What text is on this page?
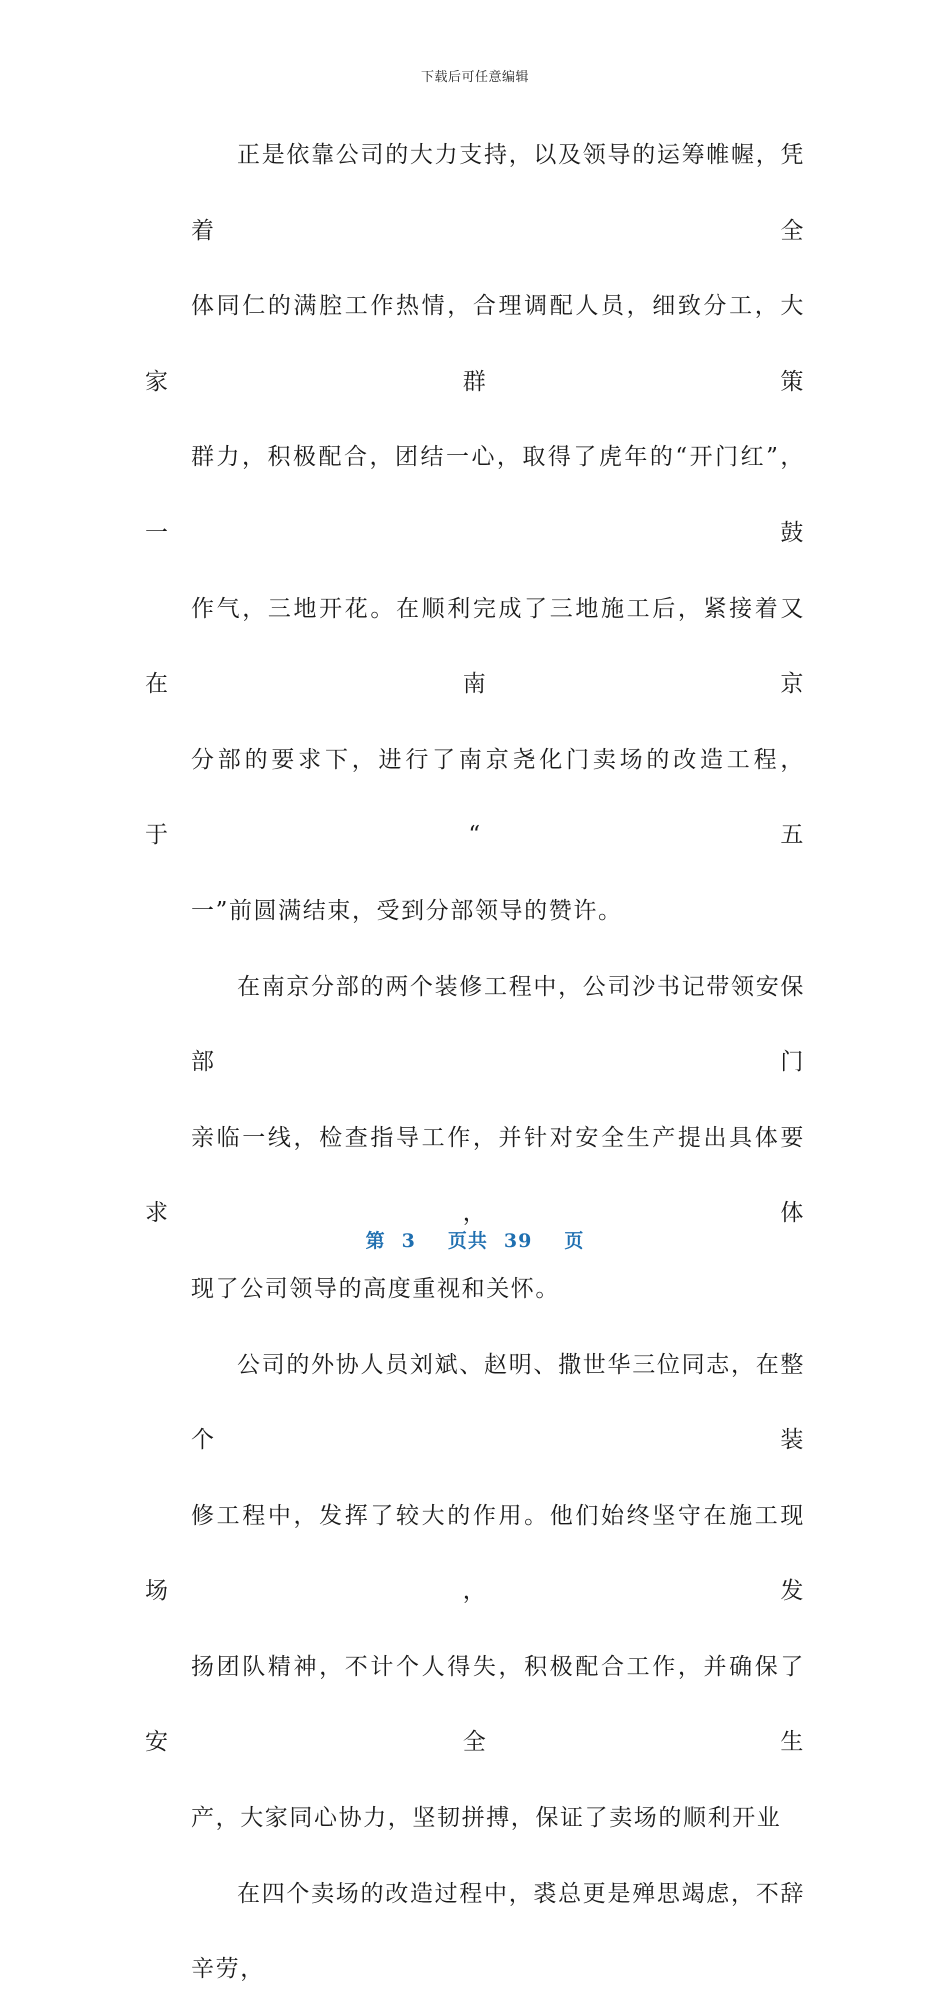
下载后可任意编辑
正是依靠公司的大力支持，以及领导的运筹帷幄，凭着全
体同仁的满腔工作热情，合理调配人员，细致分工，大家群策
群力，积极配合，团结一心，取得了虎年的“开门红”，一鼓
作气，三地开花。在顺利完成了三地施工后，紧接着又在南京
分部的要求下，进行了南京尧化门卖场的改造工程，于“五
一”前圆满结束，受到分部领导的赞许。
在南京分部的两个装修工程中，公司沙书记带领安保部门
亲临一线，检查指导工作，并针对安全生产提出具体要求，体
现了公司领导的高度重视和关怀。
公司的外协人员刘斌、赵明、撒世华三位同志，在整个装
修工程中，发挥了较大的作用。他们始终坚守在施工现场，发
扬团队精神，不计个人得失，积极配合工作，并确保了安全生
产，大家同心协力，坚韧拼搏，保证了卖场的顺利开业
在四个卖场的改造过程中，裘总更是殚思竭虑，不辞辛劳，
第 3 页共 39 页
